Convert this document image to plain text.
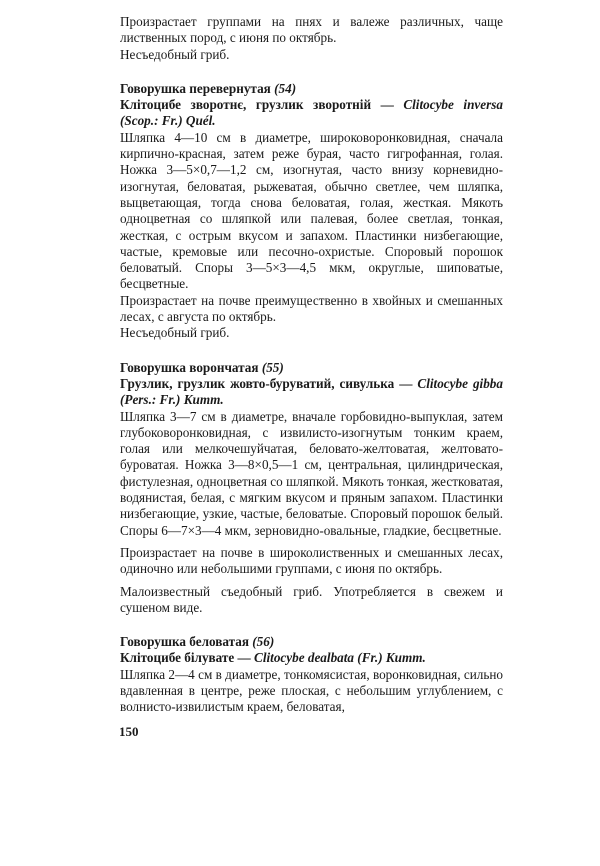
Произрастает группами на пнях и валеже различных, чаще лиственных пород, с июня по октябрь.

Несъедобный гриб.

Говорушка перевернутая (54)

Клітоцибе зворотнє, грузлик зворотній — Clitocybe inversa (Scop.: Fr.) Quél.

Шляпка 4—10 см в диаметре, широковоронковидная, сначала кирпично-красная, затем реже бурая, часто гигрофанная, голая. Ножка 3—5×0,7—1,2 см, изогнутая, часто внизу корневидно-изогнутая, беловатая, рыжеватая, обычно светлее, чем шляпка, выцветающая, тогда снова беловатая, голая, жесткая. Мякоть одноцветная со шляпкой или палевая, более светлая, тонкая, жесткая, с острым вкусом и запахом. Пластинки низбегающие, частые, кремовые или песочно-охристые. Споровый порошок беловатый. Споры 3—5×3—4,5 мкм, округлые, шиповатые, бесцветные.

Произрастает на почве преимущественно в хвойных и смешанных лесах, с августа по октябрь.

Несъедобный гриб.

Говорушка ворончатая (55)

Грузлик, грузлик жовто-буруватий, сивулька — Clitocybe gibba (Pers.: Fr.) Kumm.

Шляпка 3—7 см в диаметре, вначале горбовидно-выпуклая, затем глубоковоронковидная, с извилисто-изогнутым тонким краем, голая или мелкочешуйчатая, беловато-желтоватая, желтовато-буроватая. Ножка 3—8×0,5—1 см, центральная, цилиндрическая, фистулезная, одноцветная со шляпкой. Мякоть тонкая, жестковатая, водянистая, белая, с мягким вкусом и пряным запахом. Пластинки низбегающие, узкие, частые, беловатые. Споровый порошок белый. Споры 6—7×3—4 мкм, зерновидно-овальные, гладкие, бесцветные.

Произрастает на почве в широколиственных и смешанных лесах, одиночно или небольшими группами, с июня по октябрь.

Малоизвестный съедобный гриб. Употребляется в свежем и сушеном виде.

Говорушка беловатая (56)

Клітоцибе білувате — Clitocybe dealbata (Fr.) Kumm.

Шляпка 2—4 см в диаметре, тонкомясистая, воронковидная, сильно вдавленная в центре, реже плоская, с небольшим углублением, с волнисто-извилистым краем, беловатая,

150
